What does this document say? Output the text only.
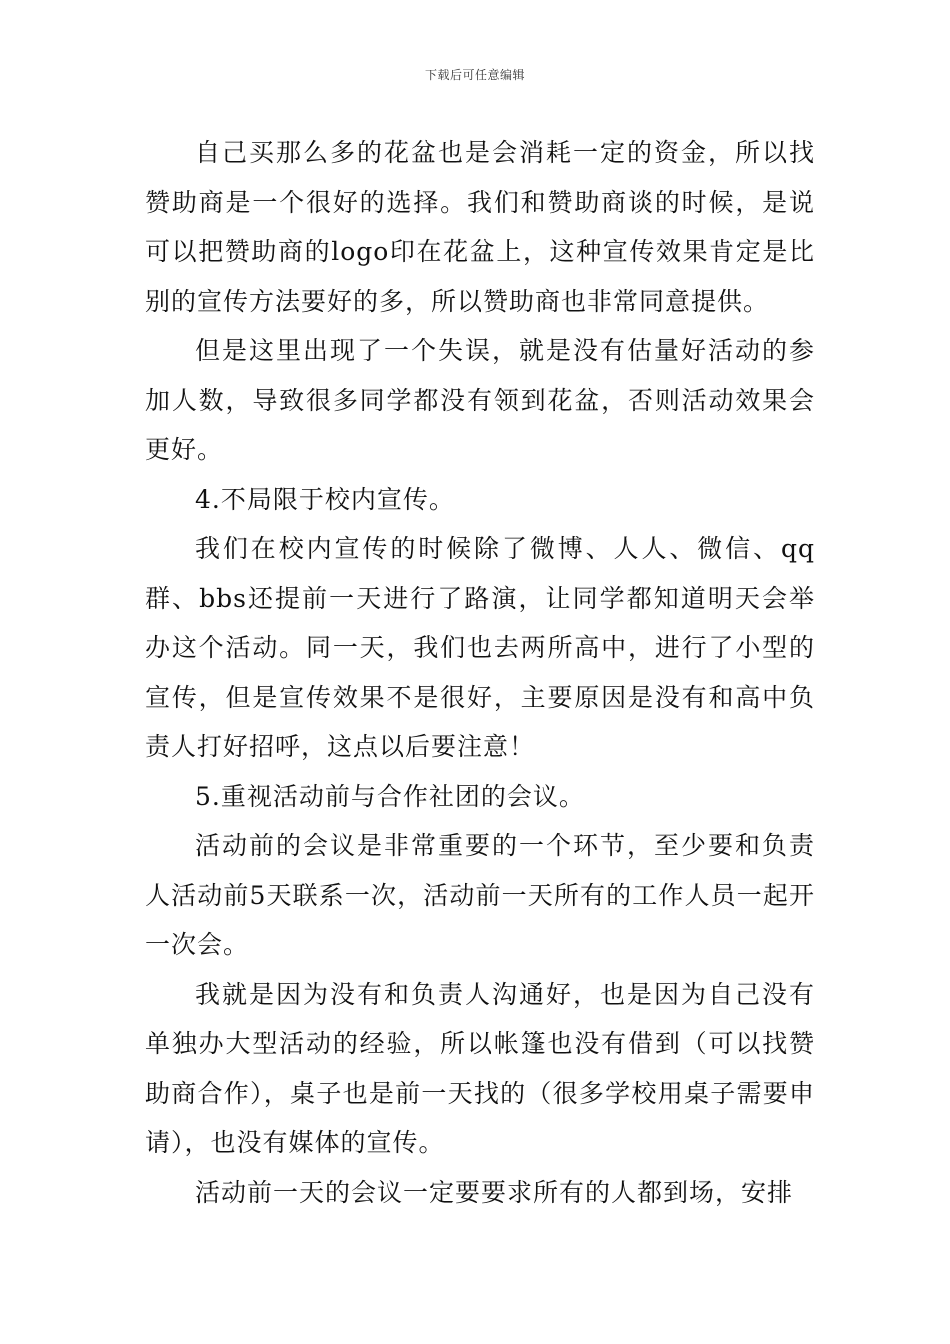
下载后可任意编辑

自己买那么多的花盆也是会消耗一定的资金，所以找赞助商是一个很好的选择。我们和赞助商谈的时候，是说可以把赞助商的logo印在花盆上，这种宣传效果肯定是比别的宣传方法要好的多，所以赞助商也非常同意提供。

但是这里出现了一个失误，就是没有估量好活动的参加人数，导致很多同学都没有领到花盆，否则活动效果会更好。

4.不局限于校内宣传。

我们在校内宣传的时候除了微博、人人、微信、qq群、bbs还提前一天进行了路演，让同学都知道明天会举办这个活动。同一天，我们也去两所高中，进行了小型的宣传，但是宣传效果不是很好，主要原因是没有和高中负责人打好招呼，这点以后要注意！

5.重视活动前与合作社团的会议。

活动前的会议是非常重要的一个环节，至少要和负责人活动前5天联系一次，活动前一天所有的工作人员一起开一次会。

我就是因为没有和负责人沟通好，也是因为自己没有单独办大型活动的经验，所以帐篷也没有借到（可以找赞助商合作），桌子也是前一天找的（很多学校用桌子需要申请），也没有媒体的宣传。

活动前一天的会议一定要要求所有的人都到场，安排
